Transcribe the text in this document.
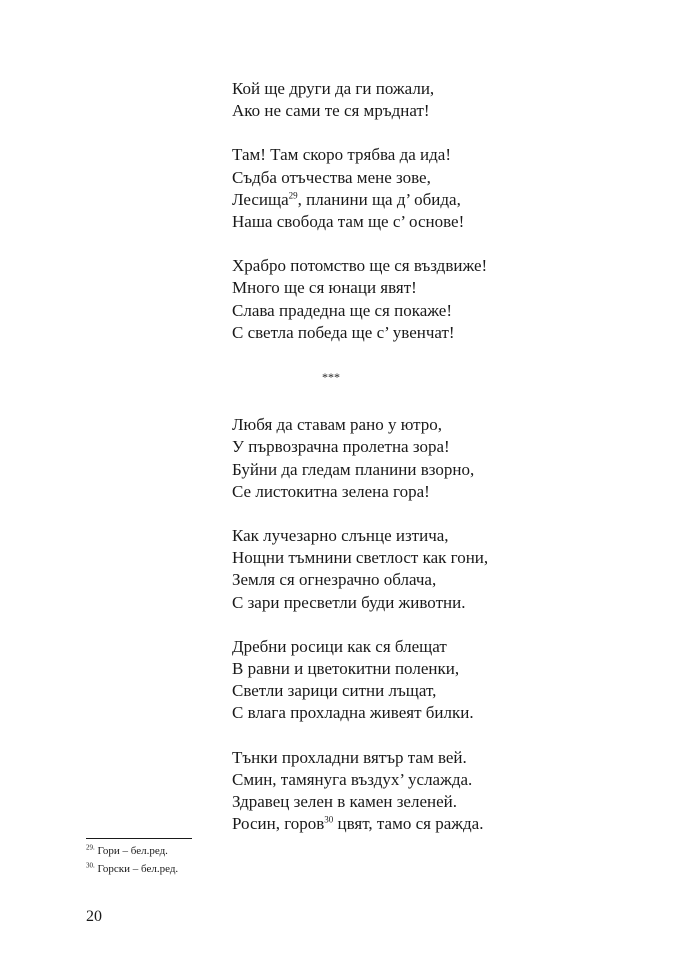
Кой ще други да ги пожали,
Ако не сами те ся мръднат!
Там! Там скоро трябва да ида!
Съдба отъчества мене зове,
Лесища$^{29}$, планини ща д’ обида,
Наша свобода там ще с’ основе!
Храбро потомство ще ся въздвиже!
Много ще ся юнаци явят!
Слава прадедна ще ся покаже!
С светла победа ще с’ увенчат!
***
Любя да ставам рано у ютро,
У първозрачна пролетна зора!
Буйни да гледам планини взорно,
Се листокитна зелена гора!
Как лучезарно слънце изтича,
Нощни тъмнини светлост как гони,
Земля ся огнезрачно облача,
С зари пресветли буди животни.
Дребни росици как ся блещат
В равни и цветокитни поленки,
Светли зарици ситни лъщат,
С влага прохладна живеят билки.
Тънки прохладни вятър там вей.
Смин, тамянуга въздух’ услажда.
Здравец зелен в камен зеленей.
Росин, горов$^{30}$ цвят, тамо ся ражда.
$^{29.}$ Гори – бел.ред.
$^{30.}$ Горски – бел.ред.
20
